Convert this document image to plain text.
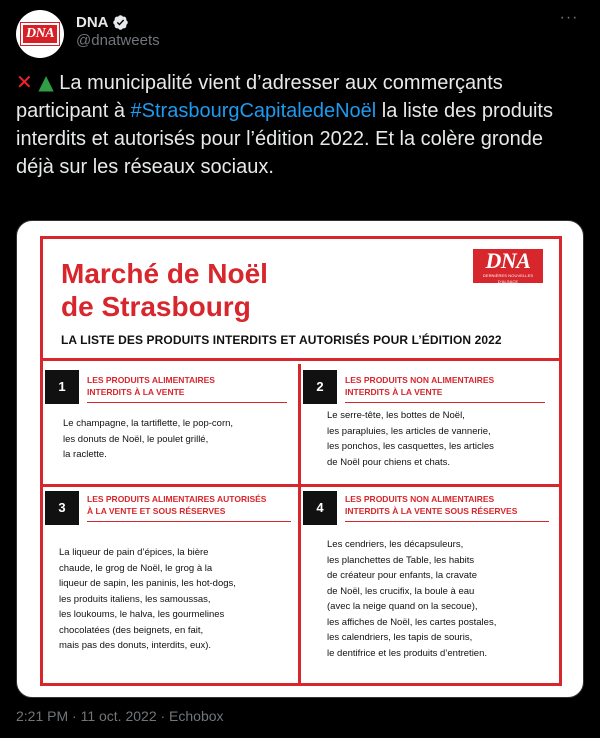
DNA
DNA
@dnatweets
···
✕ ▲ La municipalité vient d’adresser aux commerçants participant à #StrasbourgCapitaledeNoël la liste des produits interdits et autorisés pour l’édition 2022. Et la colère gronde déjà sur les réseaux sociaux.
Marché de Noël
de Strasbourg
LA LISTE DES PRODUITS INTERDITS ET AUTORISÉS POUR L’ÉDITION 2022
DNA
DERNIÈRES NOUVELLES D'ALSACE
1	LES PRODUITS ALIMENTAIRES
INTERDITS À LA VENTE
Le champagne, la tartiflette, le pop-corn,
les donuts de Noël, le poulet grillé,
la raclette.
2	LES PRODUITS NON ALIMENTAIRES
INTERDITS À LA VENTE
Le serre-tête, les bottes de Noël,
les parapluies, les articles de vannerie,
les ponchos, les casquettes, les articles
de Noël pour chiens et chats.
3
LES PRODUITS ALIMENTAIRES AUTORISÉS
À LA VENTE ET SOUS RÉSERVES
La liqueur de pain d’épices, la bière
chaude, le grog de Noël, le grog à la
liqueur de sapin, les paninis, les hot-dogs,
les produits italiens, les samoussas,
les loukoums, le halva, les gourmelines
chocolatées (des beignets, en fait,
mais pas des donuts, interdits, eux).
4
LES PRODUITS NON ALIMENTAIRES
INTERDITS À LA VENTE SOUS RÉSERVES
Les cendriers, les décapsuleurs,
les planchettes de Table, les habits
de créateur pour enfants, la cravate
de Noël, les crucifix, la boule à eau
(avec la neige quand on la secoue),
les affiches de Noël, les cartes postales,
les calendriers, les tapis de souris,
le dentifrice et les produits d’entretien.
2:21 PM · 11 oct. 2022 · Echobox
